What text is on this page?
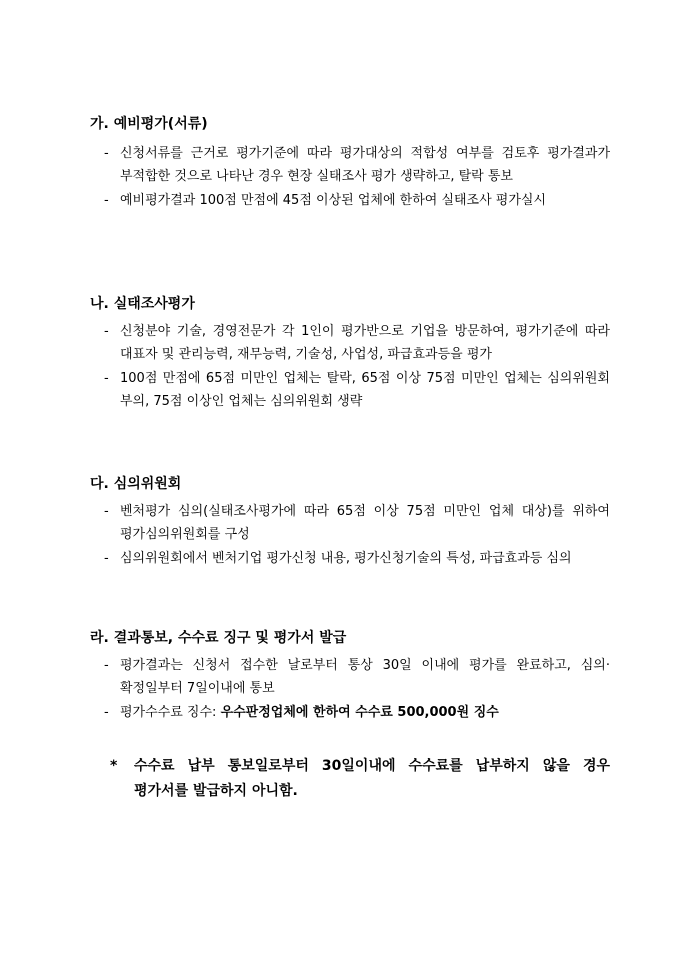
가. 예비평가(서류)
- 신청서류를 근거로 평가기준에 따라 평가대상의 적합성 여부를 검토후 평가결과가 부적합한 것으로 나타난 경우 현장 실태조사 평가 생략하고, 탈락 통보
- 예비평가결과 100점 만점에 45점 이상된 업체에 한하여 실태조사 평가실시
나. 실태조사평가
- 신청분야 기술, 경영전문가 각 1인이 평가반으로 기업을 방문하여, 평가기준에 따라 대표자 및 관리능력, 재무능력, 기술성, 사업성, 파급효과등을 평가
- 100점 만점에 65점 미만인 업체는 탈락, 65점 이상 75점 미만인 업체는 심의위원회 부의, 75점 이상인 업체는 심의위원회 생략
다. 심의위원회
- 벤처평가 심의(실태조사평가에 따라 65점 이상 75점 미만인 업체 대상)를 위하여 평가심의위원회를 구성
- 심의위원회에서 벤처기업 평가신청 내용, 평가신청기술의 특성, 파급효과등 심의
라. 결과통보, 수수료 징구 및 평가서 발급
- 평가결과는 신청서 접수한 날로부터 통상 30일 이내에 평가를 완료하고, 심의·확정일부터 7일이내에 통보
- 평가수수료 징수: 우수판정업체에 한하여 수수료 500,000원 징수
*	수수료 납부 통보일로부터 30일이내에 수수료를 납부하지 않을 경우 평가서를 발급하지 아니함.
